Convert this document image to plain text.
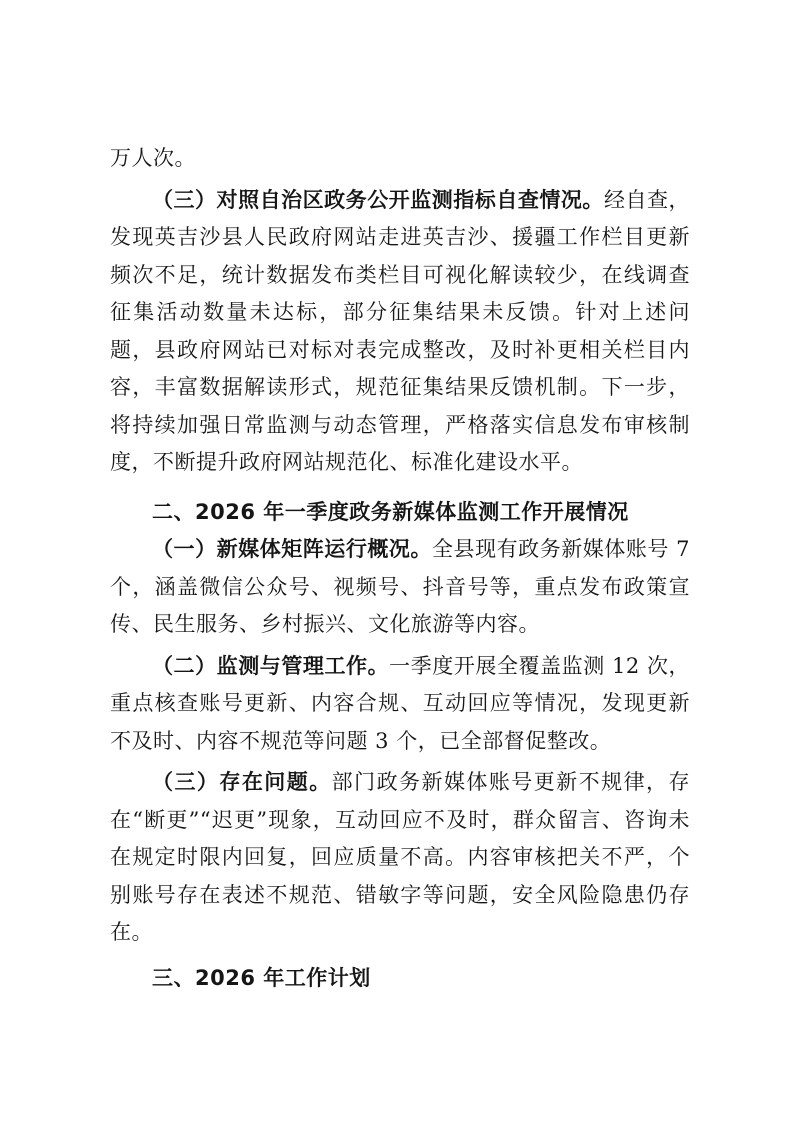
万人次。

（三）对照自治区政务公开监测指标自查情况。经自查，发现英吉沙县人民政府网站走进英吉沙、援疆工作栏目更新频次不足，统计数据发布类栏目可视化解读较少，在线调查征集活动数量未达标，部分征集结果未反馈。针对上述问题，县政府网站已对标对表完成整改，及时补更相关栏目内容，丰富数据解读形式，规范征集结果反馈机制。下一步，将持续加强日常监测与动态管理，严格落实信息发布审核制度，不断提升政府网站规范化、标准化建设水平。

二、2026 年一季度政务新媒体监测工作开展情况

（一）新媒体矩阵运行概况。全县现有政务新媒体账号 7 个，涵盖微信公众号、视频号、抖音号等，重点发布政策宣传、民生服务、乡村振兴、文化旅游等内容。

（二）监测与管理工作。一季度开展全覆盖监测 12 次，重点核查账号更新、内容合规、互动回应等情况，发现更新不及时、内容不规范等问题 3 个，已全部督促整改。

（三）存在问题。部门政务新媒体账号更新不规律，存在“断更”“迟更”现象，互动回应不及时，群众留言、咨询未在规定时限内回复，回应质量不高。内容审核把关不严，个别账号存在表述不规范、错敏字等问题，安全风险隐患仍存在。

三、2026 年工作计划
